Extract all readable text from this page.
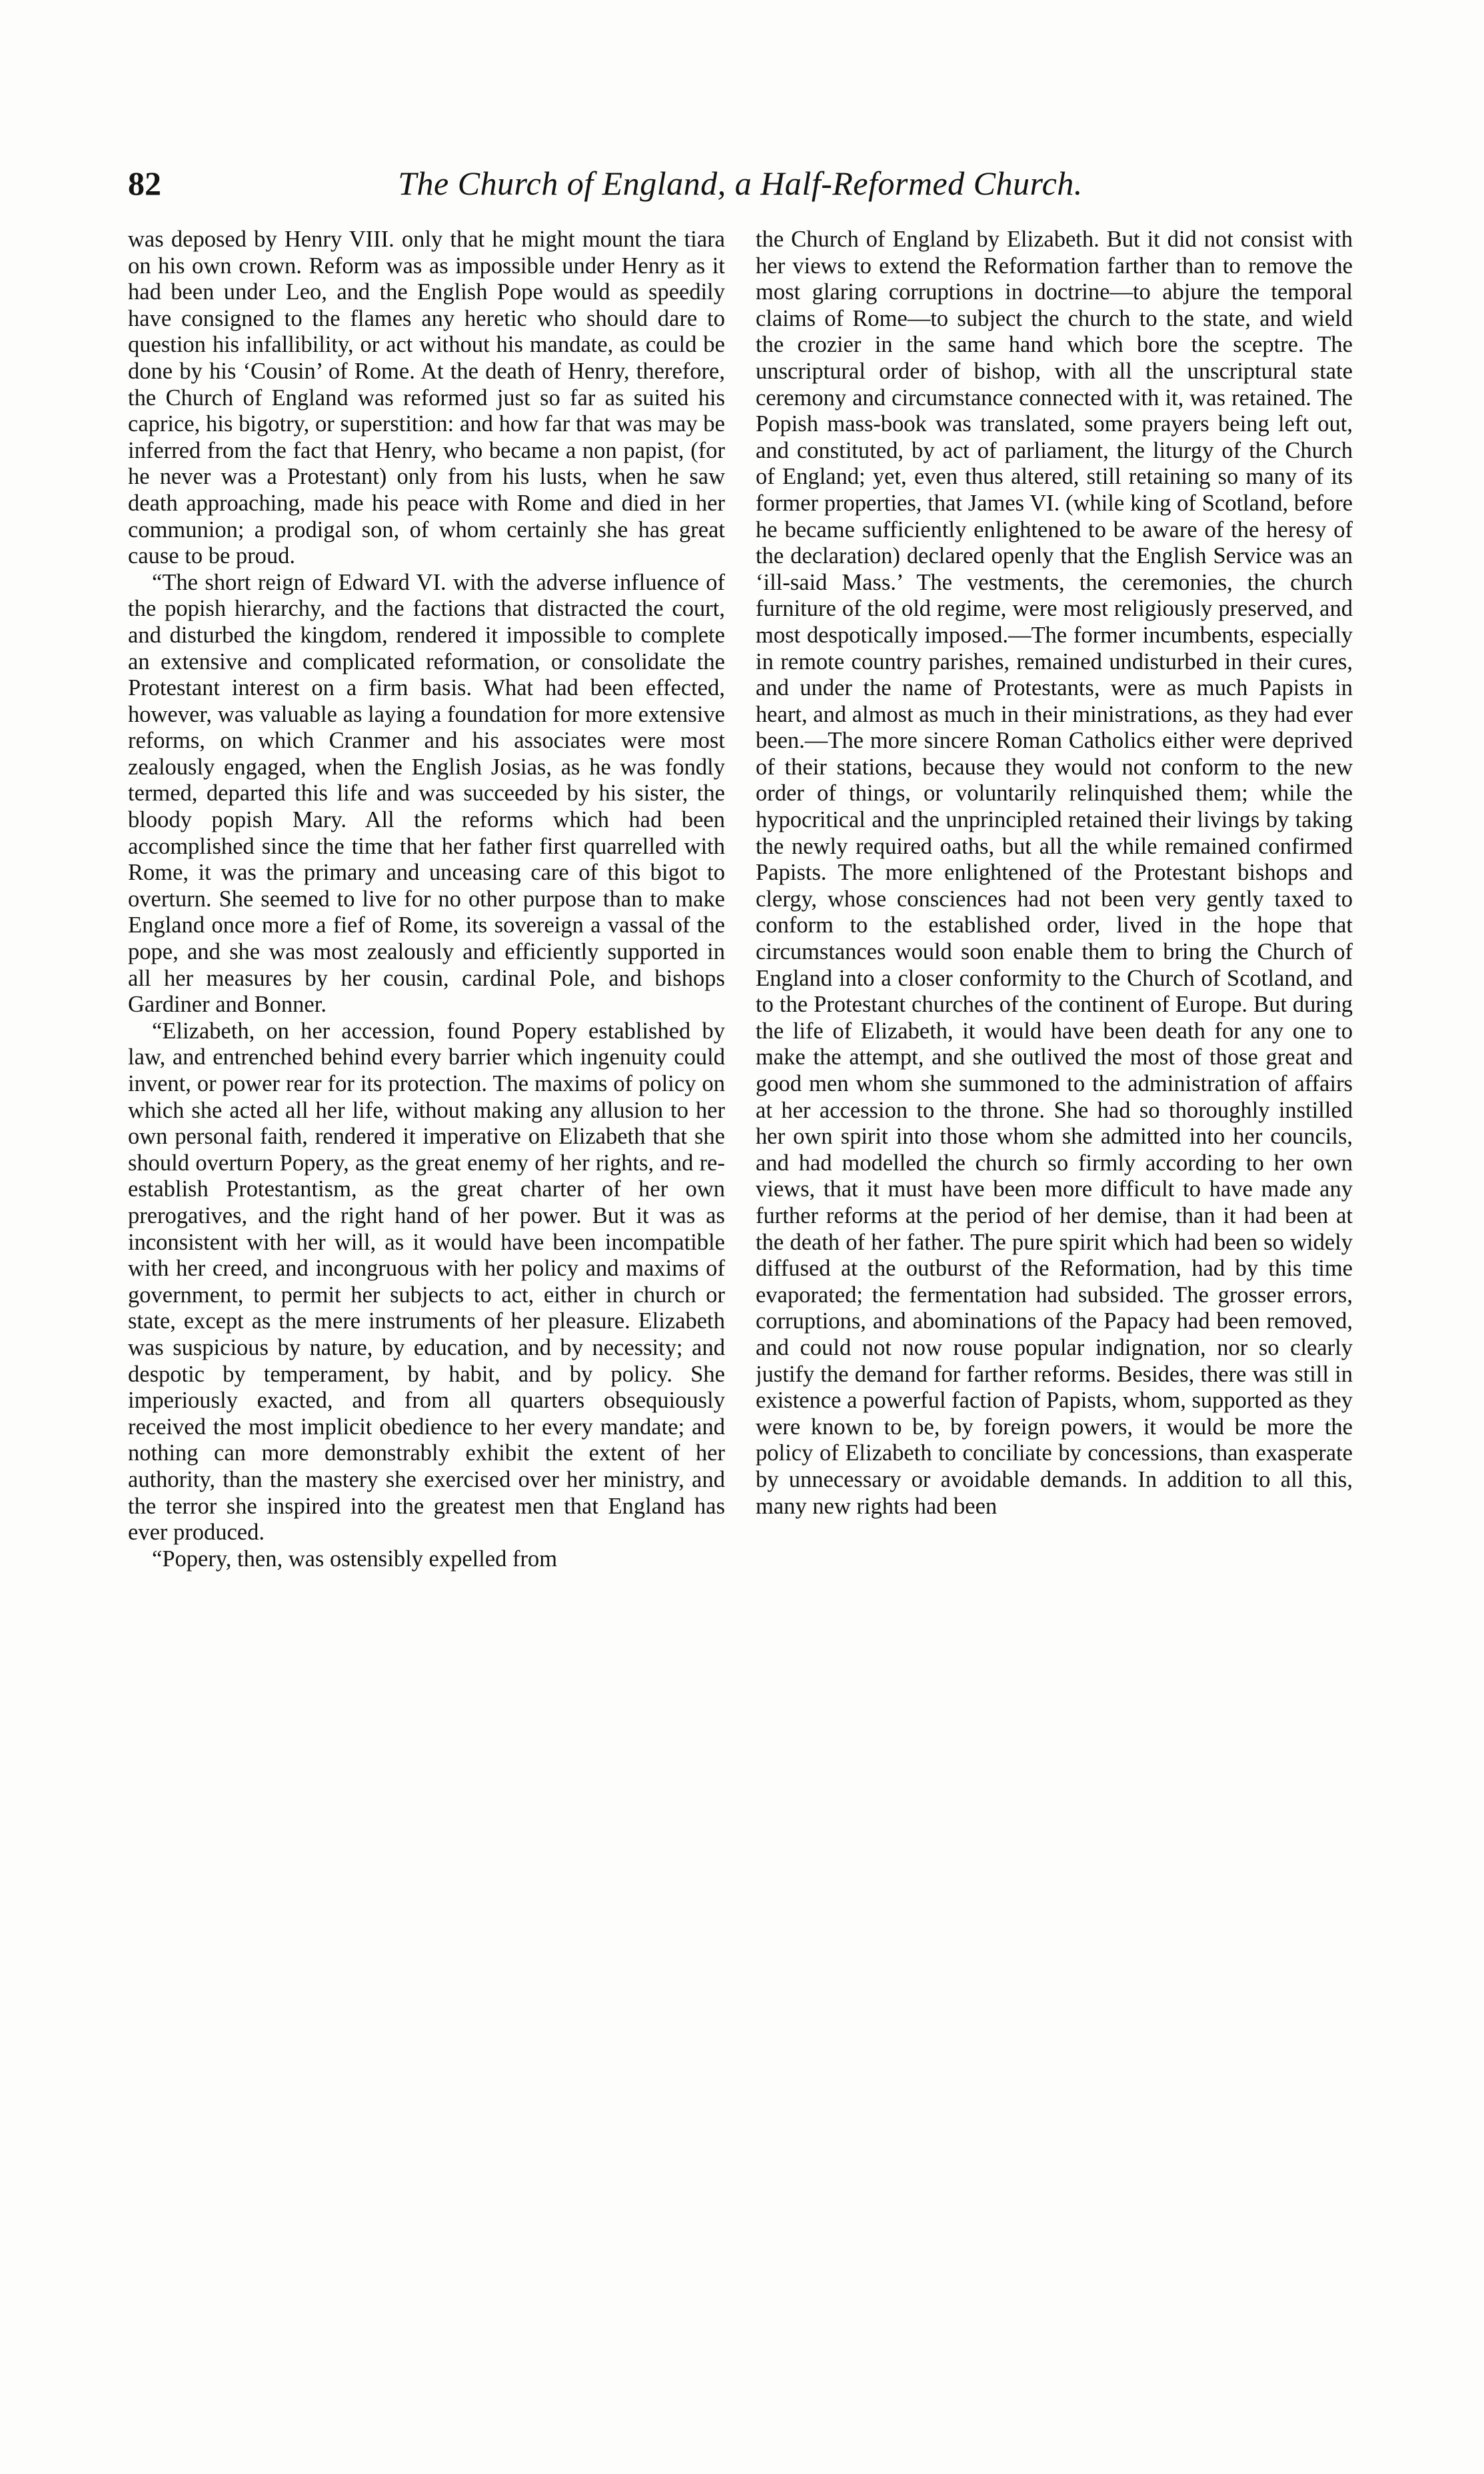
82	The Church of England, a Half-Reformed Church.

was deposed by Henry VIII. only that he might mount the tiara on his own crown. Reform was as impossible under Henry as it had been under Leo, and the English Pope would as speedily have consigned to the flames any heretic who should dare to question his infallibility, or act without his mandate, as could be done by his ‘Cousin’ of Rome. At the death of Henry, therefore, the Church of England was reformed just so far as suited his caprice, his bigotry, or superstition: and how far that was may be inferred from the fact that Henry, who became a non papist, (for he never was a Protestant) only from his lusts, when he saw death approaching, made his peace with Rome and died in her communion; a prodigal son, of whom certainly she has great cause to be proud.

“The short reign of Edward VI. with the adverse influence of the popish hierarchy, and the factions that distracted the court, and disturbed the kingdom, rendered it impossible to complete an extensive and complicated reformation, or consolidate the Protestant interest on a firm basis. What had been effected, however, was valuable as laying a foundation for more extensive reforms, on which Cranmer and his associates were most zealously engaged, when the English Josias, as he was fondly termed, departed this life and was succeeded by his sister, the bloody popish Mary. All the reforms which had been accomplished since the time that her father first quarrelled with Rome, it was the primary and unceasing care of this bigot to overturn. She seemed to live for no other purpose than to make England once more a fief of Rome, its sovereign a vassal of the pope, and she was most zealously and efficiently supported in all her measures by her cousin, cardinal Pole, and bishops Gardiner and Bonner.

“Elizabeth, on her accession, found Popery established by law, and entrenched behind every barrier which ingenuity could invent, or power rear for its protection. The maxims of policy on which she acted all her life, without making any allusion to her own personal faith, rendered it imperative on Elizabeth that she should overturn Popery, as the great enemy of her rights, and re-establish Protestantism, as the great charter of her own prerogatives, and the right hand of her power. But it was as inconsistent with her will, as it would have been incompatible with her creed, and incongruous with her policy and maxims of government, to permit her subjects to act, either in church or state, except as the mere instruments of her pleasure. Elizabeth was suspicious by nature, by education, and by necessity; and despotic by temperament, by habit, and by policy. She imperiously exacted, and from all quarters obsequiously received the most implicit obedience to her every mandate; and nothing can more demonstrably exhibit the extent of her authority, than the mastery she exercised over her ministry, and the terror she inspired into the greatest men that England has ever produced.

“Popery, then, was ostensibly expelled from

the Church of England by Elizabeth. But it did not consist with her views to extend the Reformation farther than to remove the most glaring corruptions in doctrine—to abjure the temporal claims of Rome—to subject the church to the state, and wield the crozier in the same hand which bore the sceptre. The unscriptural order of bishop, with all the unscriptural state ceremony and circumstance connected with it, was retained. The Popish mass-book was translated, some prayers being left out, and constituted, by act of parliament, the liturgy of the Church of England; yet, even thus altered, still retaining so many of its former properties, that James VI. (while king of Scotland, before he became sufficiently enlightened to be aware of the heresy of the declaration) declared openly that the English Service was an ‘ill-said Mass.’ The vestments, the ceremonies, the church furniture of the old regime, were most religiously preserved, and most despotically imposed.—The former incumbents, especially in remote country parishes, remained undisturbed in their cures, and under the name of Protestants, were as much Papists in heart, and almost as much in their ministrations, as they had ever been.—The more sincere Roman Catholics either were deprived of their stations, because they would not conform to the new order of things, or voluntarily relinquished them; while the hypocritical and the unprincipled retained their livings by taking the newly required oaths, but all the while remained confirmed Papists. The more enlightened of the Protestant bishops and clergy, whose consciences had not been very gently taxed to conform to the established order, lived in the hope that circumstances would soon enable them to bring the Church of England into a closer conformity to the Church of Scotland, and to the Protestant churches of the continent of Europe. But during the life of Elizabeth, it would have been death for any one to make the attempt, and she outlived the most of those great and good men whom she summoned to the administration of affairs at her accession to the throne. She had so thoroughly instilled her own spirit into those whom she admitted into her councils, and had modelled the church so firmly according to her own views, that it must have been more difficult to have made any further reforms at the period of her demise, than it had been at the death of her father. The pure spirit which had been so widely diffused at the outburst of the Reformation, had by this time evaporated; the fermentation had subsided. The grosser errors, corruptions, and abominations of the Papacy had been removed, and could not now rouse popular indignation, nor so clearly justify the demand for farther reforms. Besides, there was still in existence a powerful faction of Papists, whom, supported as they were known to be, by foreign powers, it would be more the policy of Elizabeth to conciliate by concessions, than exasperate by unnecessary or avoidable demands. In addition to all this, many new rights had been
